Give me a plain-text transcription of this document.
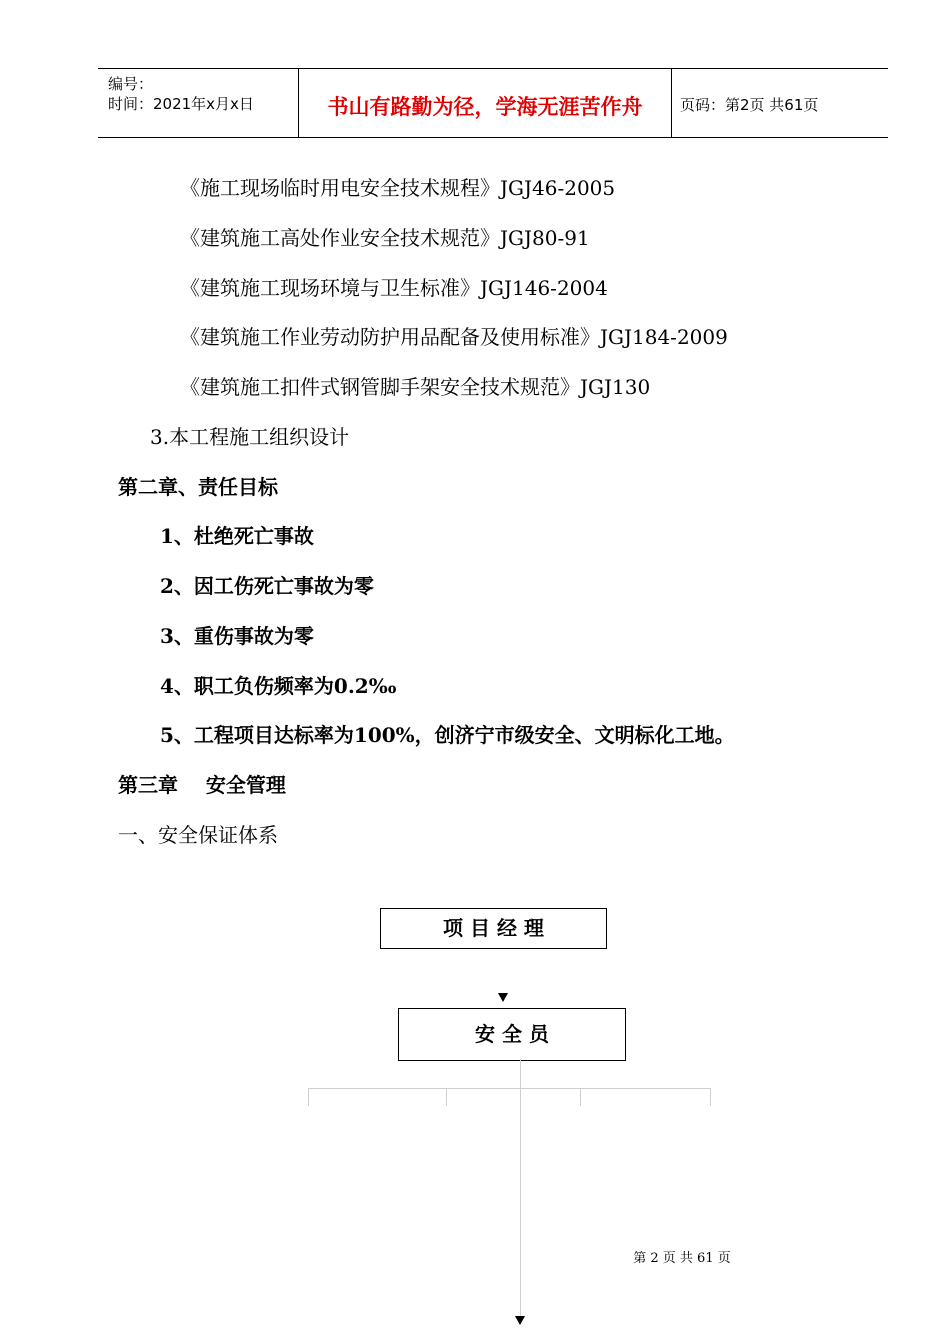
编号：
时间：2021年x月x日	书山有路勤为径，学海无涯苦作舟	页码：第2页 共61页
《施工现场临时用电安全技术规程》JGJ46-2005
《建筑施工高处作业安全技术规范》JGJ80-91
《建筑施工现场环境与卫生标准》JGJ146-2004
《建筑施工作业劳动防护用品配备及使用标准》JGJ184-2009
《建筑施工扣件式钢管脚手架安全技术规范》JGJ130
3.本工程施工组织设计
第二章、责任目标
1、杜绝死亡事故
2、因工伤死亡事故为零
3、重伤事故为零
4、职工负伤频率为0.2‰
5、工程项目达标率为100%，创济宁市级安全、文明标化工地。
第三章    安全管理
一、安全保证体系
项 目 经 理
安 全 员
第 2 页 共 61 页
